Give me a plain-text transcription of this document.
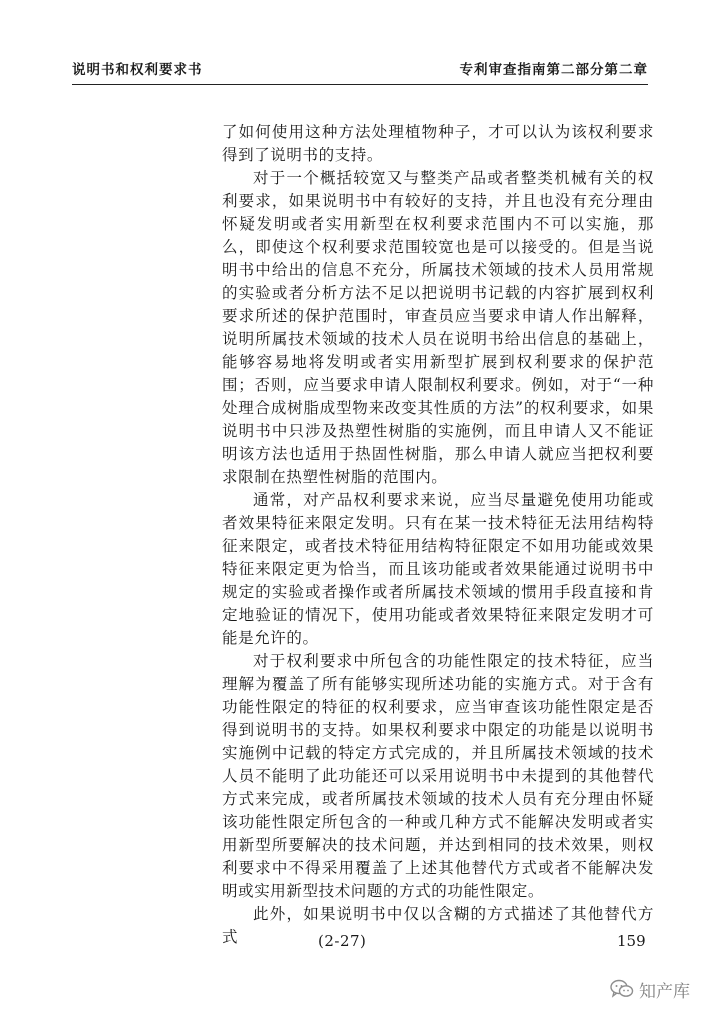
说明书和权利要求书	专利审查指南第二部分第二章

了如何使用这种方法处理植物种子，才可以认为该权利要求得到了说明书的支持。

对于一个概括较宽又与整类产品或者整类机械有关的权利要求，如果说明书中有较好的支持，并且也没有充分理由怀疑发明或者实用新型在权利要求范围内不可以实施，那么，即使这个权利要求范围较宽也是可以接受的。但是当说明书中给出的信息不充分，所属技术领域的技术人员用常规的实验或者分析方法不足以把说明书记载的内容扩展到权利要求所述的保护范围时，审查员应当要求申请人作出解释，说明所属技术领域的技术人员在说明书给出信息的基础上，能够容易地将发明或者实用新型扩展到权利要求的保护范围；否则，应当要求申请人限制权利要求。例如，对于“一种处理合成树脂成型物来改变其性质的方法”的权利要求，如果说明书中只涉及热塑性树脂的实施例，而且申请人又不能证明该方法也适用于热固性树脂，那么申请人就应当把权利要求限制在热塑性树脂的范围内。

通常，对产品权利要求来说，应当尽量避免使用功能或者效果特征来限定发明。只有在某一技术特征无法用结构特征来限定，或者技术特征用结构特征限定不如用功能或效果特征来限定更为恰当，而且该功能或者效果能通过说明书中规定的实验或者操作或者所属技术领域的惯用手段直接和肯定地验证的情况下，使用功能或者效果特征来限定发明才可能是允许的。

对于权利要求中所包含的功能性限定的技术特征，应当理解为覆盖了所有能够实现所述功能的实施方式。对于含有功能性限定的特征的权利要求，应当审查该功能性限定是否得到说明书的支持。如果权利要求中限定的功能是以说明书实施例中记载的特定方式完成的，并且所属技术领域的技术人员不能明了此功能还可以采用说明书中未提到的其他替代方式来完成，或者所属技术领域的技术人员有充分理由怀疑该功能性限定所包含的一种或几种方式不能解决发明或者实用新型所要解决的技术问题，并达到相同的技术效果，则权利要求中不得采用覆盖了上述其他替代方式或者不能解决发明或实用新型技术问题的方式的功能性限定。

此外，如果说明书中仅以含糊的方式描述了其他替代方式	(2-27)	159
知产库
